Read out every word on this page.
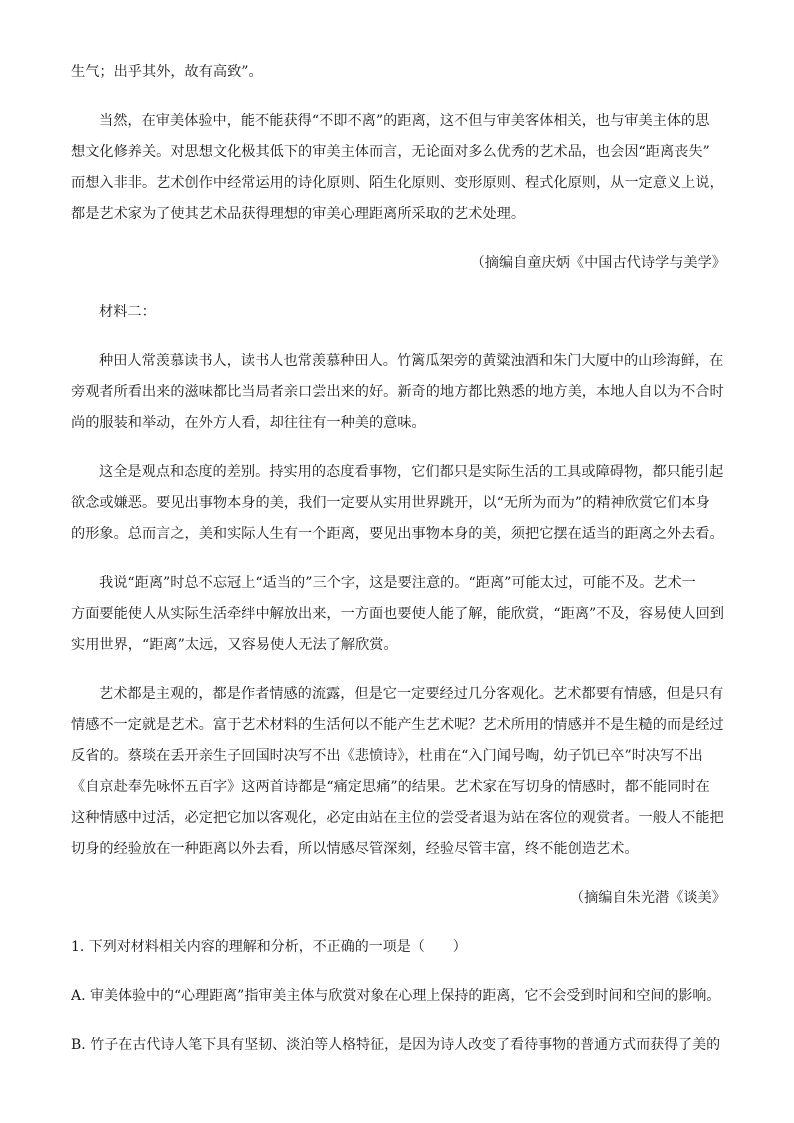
生气；出乎其外，故有高致”。
当然，在审美体验中，能不能获得“不即不离”的距离，这不但与审美客体相关，也与审美主体的思
想文化修养关。对思想文化极其低下的审美主体而言，无论面对多么优秀的艺术品，也会因“距离丧失”
而想入非非。艺术创作中经常运用的诗化原则、陌生化原则、变形原则、程式化原则，从一定意义上说，
都是艺术家为了使其艺术品获得理想的审美心理距离所采取的艺术处理。
（摘编自童庆炳《中国古代诗学与美学》
材料二：
种田人常羡慕读书人，读书人也常羡慕种田人。竹篱瓜架旁的黄粱浊酒和朱门大厦中的山珍海鲜，在
旁观者所看出来的滋味都比当局者亲口尝出来的好。新奇的地方都比熟悉的地方美，本地人自以为不合时
尚的服装和举动，在外方人看，却往往有一种美的意味。
这全是观点和态度的差别。持实用的态度看事物，它们都只是实际生活的工具或障碍物，都只能引起
欲念或嫌恶。要见出事物本身的美，我们一定要从实用世界跳开，以“无所为而为”的精神欣赏它们本身
的形象。总而言之，美和实际人生有一个距离，要见出事物本身的美，须把它摆在适当的距离之外去看。
我说“距离”时总不忘冠上“适当的”三个字，这是要注意的。“距离”可能太过，可能不及。艺术一
方面要能使人从实际生活牵绊中解放出来，一方面也要使人能了解，能欣赏，“距离”不及，容易使人回到
实用世界，“距离”太远，又容易使人无法了解欣赏。
艺术都是主观的，都是作者情感的流露，但是它一定要经过几分客观化。艺术都要有情感，但是只有
情感不一定就是艺术。富于艺术材料的生活何以不能产生艺术呢？艺术所用的情感并不是生糙的而是经过
反省的。蔡琰在丢开亲生子回国时决写不出《悲愤诗》，杜甫在“入门闻号啕，幼子饥已卒”时决写不出
《自京赴奉先咏怀五百字》这两首诗都是“痛定思痛”的结果。艺术家在写切身的情感时，都不能同时在
这种情感中过活，必定把它加以客观化，必定由站在主位的尝受者退为站在客位的观赏者。一般人不能把
切身的经验放在一种距离以外去看，所以情感尽管深刻，经验尽管丰富，终不能创造艺术。
（摘编自朱光潜《谈美》
1. 下列对材料相关内容的理解和分析，不正确的一项是（　　）
A. 审美体验中的“心理距离”指审美主体与欣赏对象在心理上保持的距离，它不会受到时间和空间的影响。
B. 竹子在古代诗人笔下具有坚韧、淡泊等人格特征，是因为诗人改变了看待事物的普通方式而获得了美的
